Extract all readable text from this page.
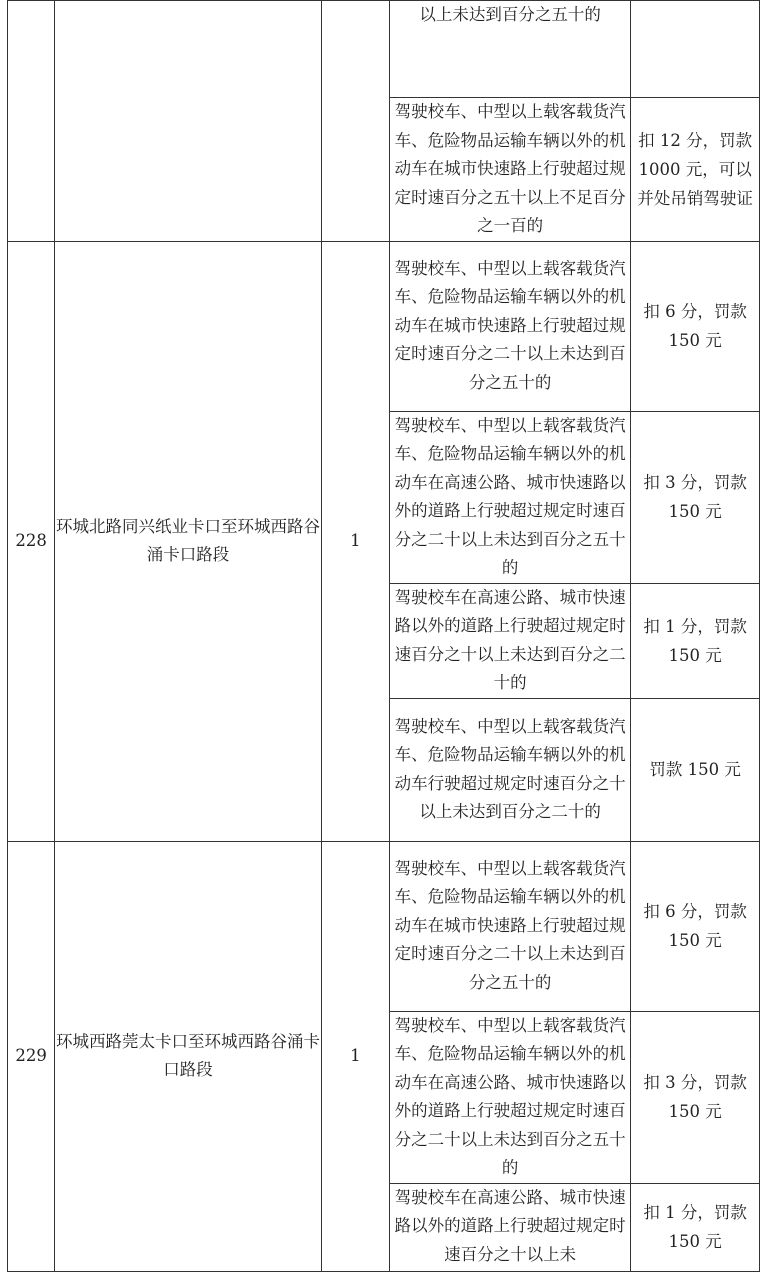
			以上未达到百分之五十的	

			驾驶校车、中型以上载客载货汽车、危险物品运输车辆以外的机动车在城市快速路上行驶超过规定时速百分之五十以上不足百分之一百的	扣 12 分，罚款 1000 元，可以并处吊销驾驶证

228	环城北路同兴纸业卡口至环城西路谷涌卡口路段	1	驾驶校车、中型以上载客载货汽车、危险物品运输车辆以外的机动车在城市快速路上行驶超过规定时速百分之二十以上未达到百分之五十的	扣 6 分，罚款 150 元

			驾驶校车、中型以上载客载货汽车、危险物品运输车辆以外的机动车在高速公路、城市快速路以外的道路上行驶超过规定时速百分之二十以上未达到百分之五十的	扣 3 分，罚款 150 元

			驾驶校车在高速公路、城市快速路以外的道路上行驶超过规定时速百分之十以上未达到百分之二十的	扣 1 分，罚款 150 元

			驾驶校车、中型以上载客载货汽车、危险物品运输车辆以外的机动车行驶超过规定时速百分之十以上未达到百分之二十的	罚款 150 元

229	环城西路莞太卡口至环城西路谷涌卡口路段	1	驾驶校车、中型以上载客载货汽车、危险物品运输车辆以外的机动车在城市快速路上行驶超过规定时速百分之二十以上未达到百分之五十的	扣 6 分，罚款 150 元

			驾驶校车、中型以上载客载货汽车、危险物品运输车辆以外的机动车在高速公路、城市快速路以外的道路上行驶超过规定时速百分之二十以上未达到百分之五十的	扣 3 分，罚款 150 元

			驾驶校车在高速公路、城市快速路以外的道路上行驶超过规定时速百分之十以上未	扣 1 分，罚款 150 元
